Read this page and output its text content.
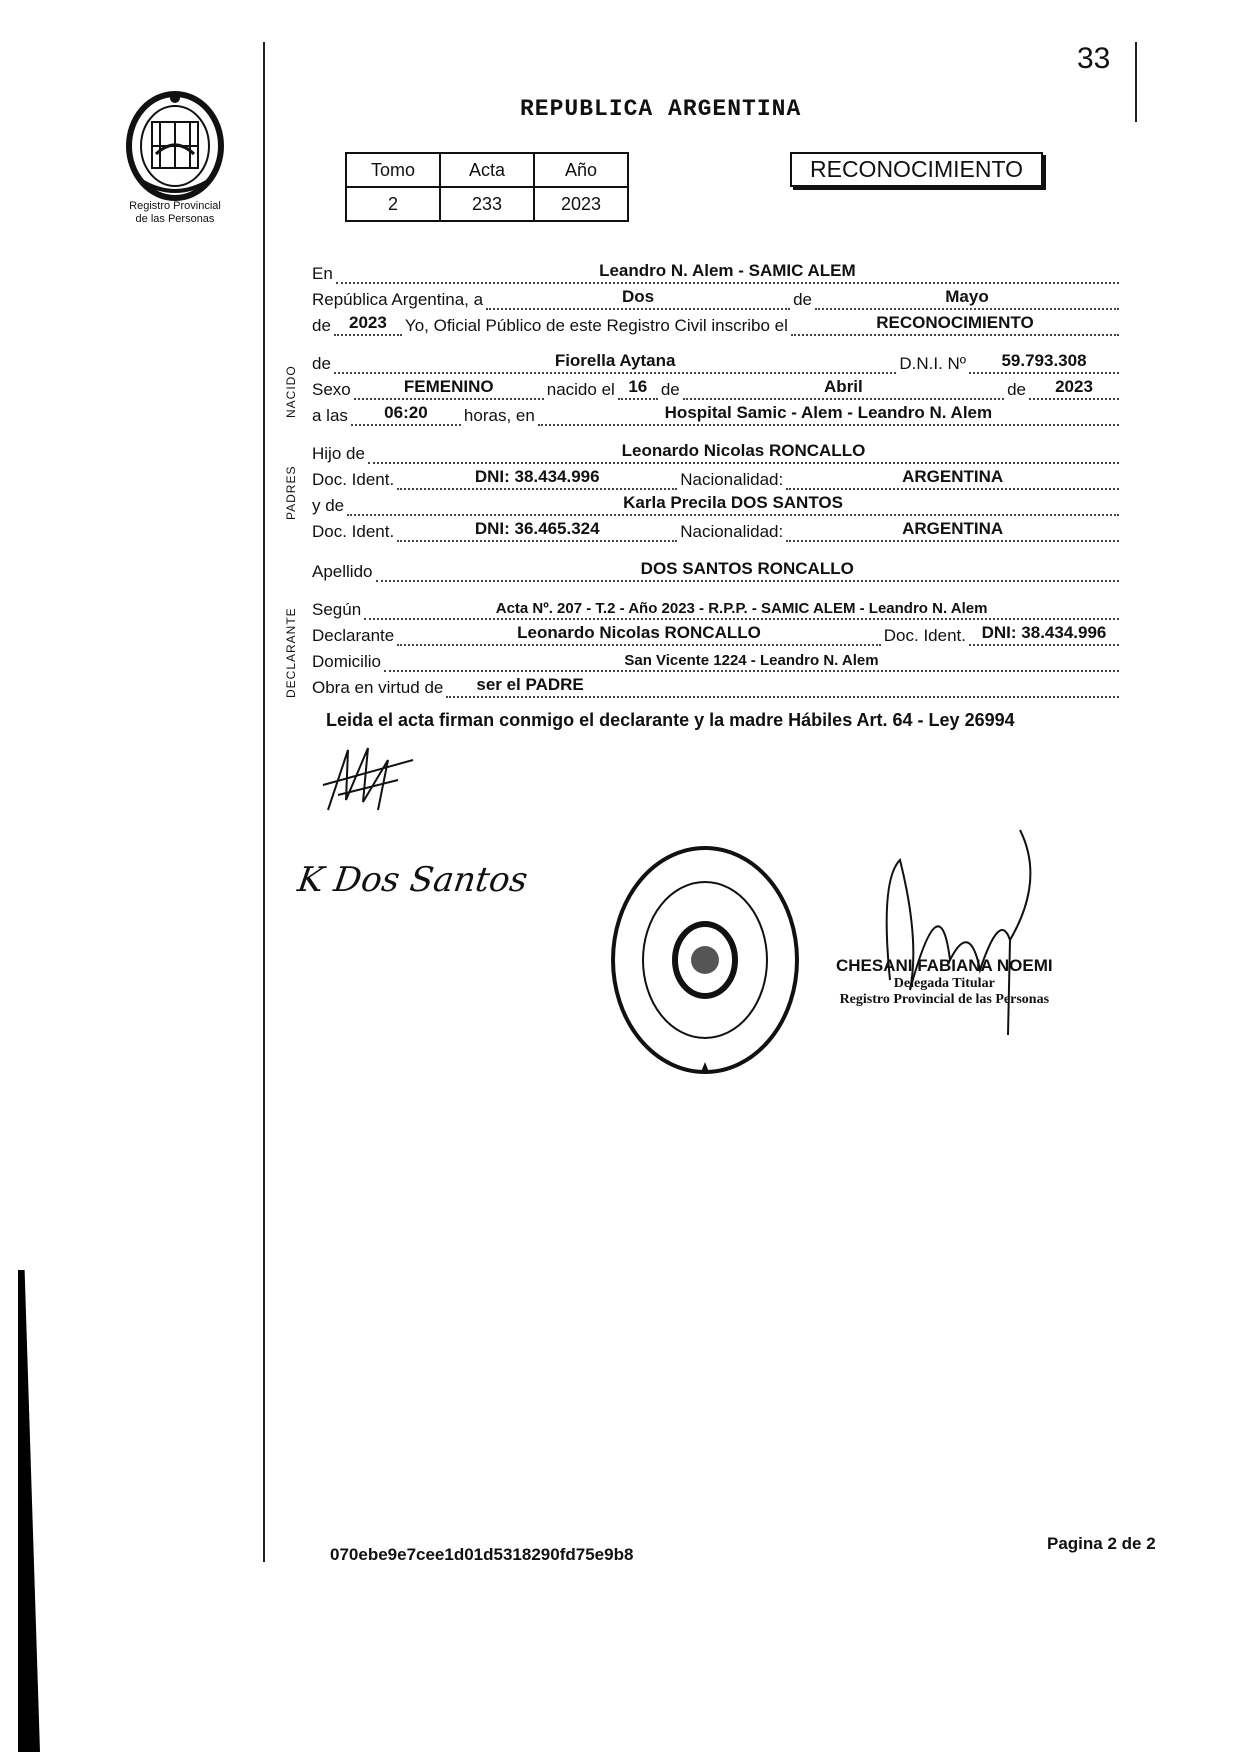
33
Registro Provincial
de las Personas
REPUBLICA ARGENTINA
Tomo	Acta	Año
2	233	2023
RECONOCIMIENTO
NACIDO
PADRES
DECLARANTE
En	Leandro N. Alem - SAMIC ALEM
República Argentina, a	Dos	de	Mayo
de	2023	Yo, Oficial Público de este Registro Civil inscribo el	RECONOCIMIENTO
de	Fiorella Aytana	D.N.I. Nº	59.793.308
Sexo	FEMENINO	nacido el 16 de	Abril	de	2023
a las	06:20	horas, en	Hospital Samic - Alem - Leandro N. Alem
Hijo de	Leonardo Nicolas RONCALLO
Doc. Ident.	DNI: 38.434.996	Nacionalidad:	ARGENTINA
y de	Karla Precila DOS SANTOS
Doc. Ident.	DNI: 36.465.324	Nacionalidad:	ARGENTINA
Apellido	DOS SANTOS RONCALLO
Según	Acta Nº. 207 - T.2 - Año 2023 - R.P.P. - SAMIC ALEM - Leandro N. Alem
Declarante	Leonardo Nicolas RONCALLO	Doc. Ident. DNI: 38.434.996
Domicilio	San Vicente 1224 - Leandro N. Alem
Obra en virtud de	ser el PADRE
Leida el acta firman conmigo el declarante y la madre Hábiles Art. 64 - Ley 26994
K Dos Santos
CHESANI FABIANA NOEMI
Delegada Titular
Registro Provincial de las Personas
070ebe9e7cee1d01d5318290fd75e9b8
Pagina 2 de 2
